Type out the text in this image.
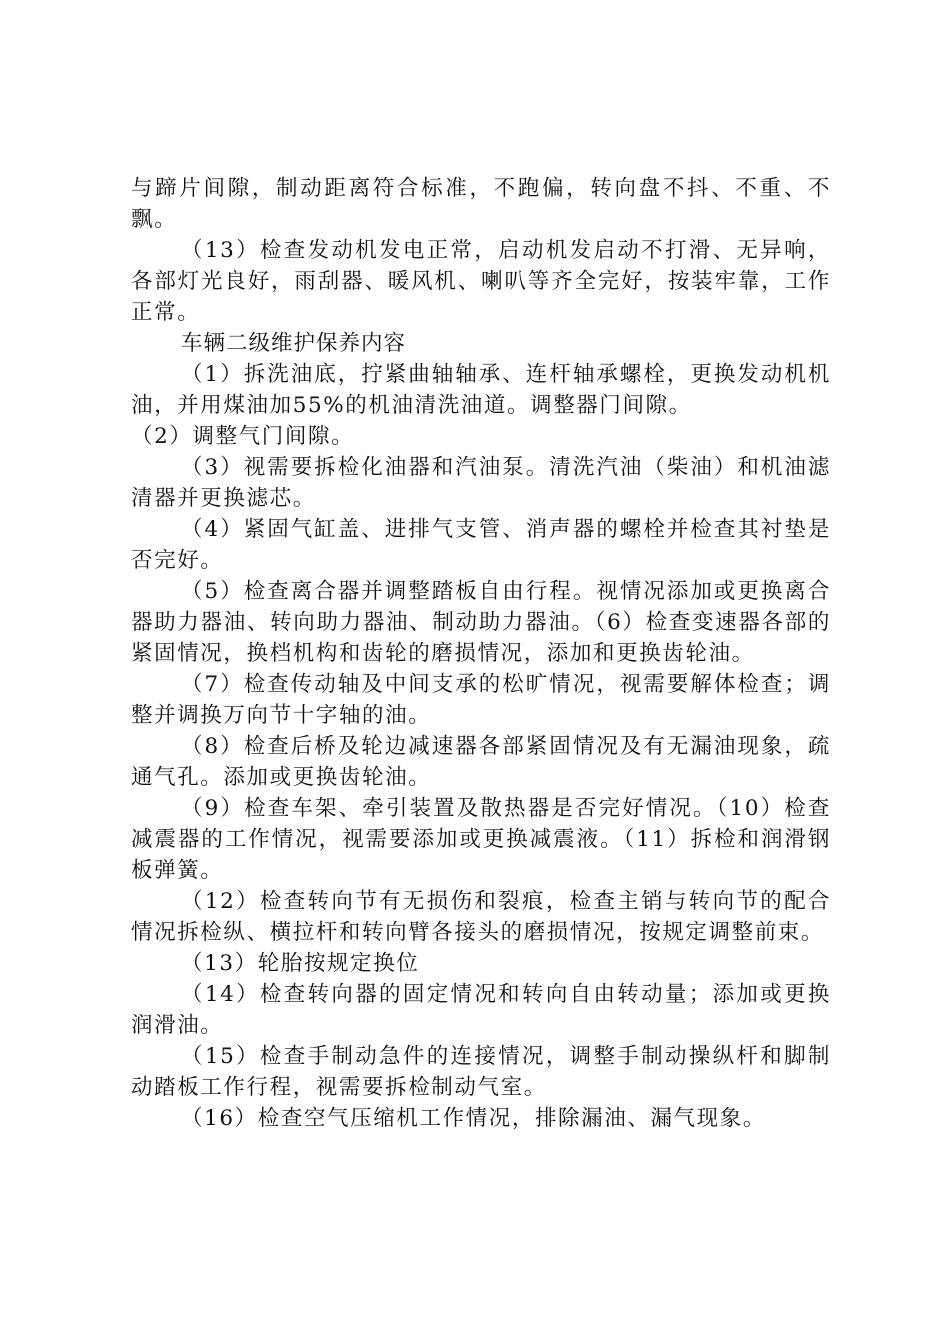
与蹄片间隙，制动距离符合标准，不跑偏，转向盘不抖、不重、不飘。

（13）检查发动机发电正常，启动机发启动不打滑、无异响，各部灯光良好，雨刮器、暖风机、喇叭等齐全完好，按装牢靠，工作正常。

车辆二级维护保养内容

（1）拆洗油底，拧紧曲轴轴承、连杆轴承螺栓，更换发动机机油，并用煤油加55%的机油清洗油道。调整器门间隙。

（2）调整气门间隙。

（3）视需要拆检化油器和汽油泵。清洗汽油（柴油）和机油滤清器并更换滤芯。

（4）紧固气缸盖、进排气支管、消声器的螺栓并检查其衬垫是否完好。

（5）检查离合器并调整踏板自由行程。视情况添加或更换离合器助力器油、转向助力器油、制动助力器油。（6）检查变速器各部的紧固情况，换档机构和齿轮的磨损情况，添加和更换齿轮油。

（7）检查传动轴及中间支承的松旷情况，视需要解体检查；调整并调换万向节十字轴的油。

（8）检查后桥及轮边减速器各部紧固情况及有无漏油现象，疏通气孔。添加或更换齿轮油。

（9）检查车架、牵引装置及散热器是否完好情况。（10）检查减震器的工作情况，视需要添加或更换减震液。（11）拆检和润滑钢板弹簧。

（12）检查转向节有无损伤和裂痕，检查主销与转向节的配合情况拆检纵、横拉杆和转向臂各接头的磨损情况，按规定调整前束。

（13）轮胎按规定换位

（14）检查转向器的固定情况和转向自由转动量；添加或更换润滑油。

（15）检查手制动急件的连接情况，调整手制动操纵杆和脚制动踏板工作行程，视需要拆检制动气室。

（16）检查空气压缩机工作情况，排除漏油、漏气现象。
